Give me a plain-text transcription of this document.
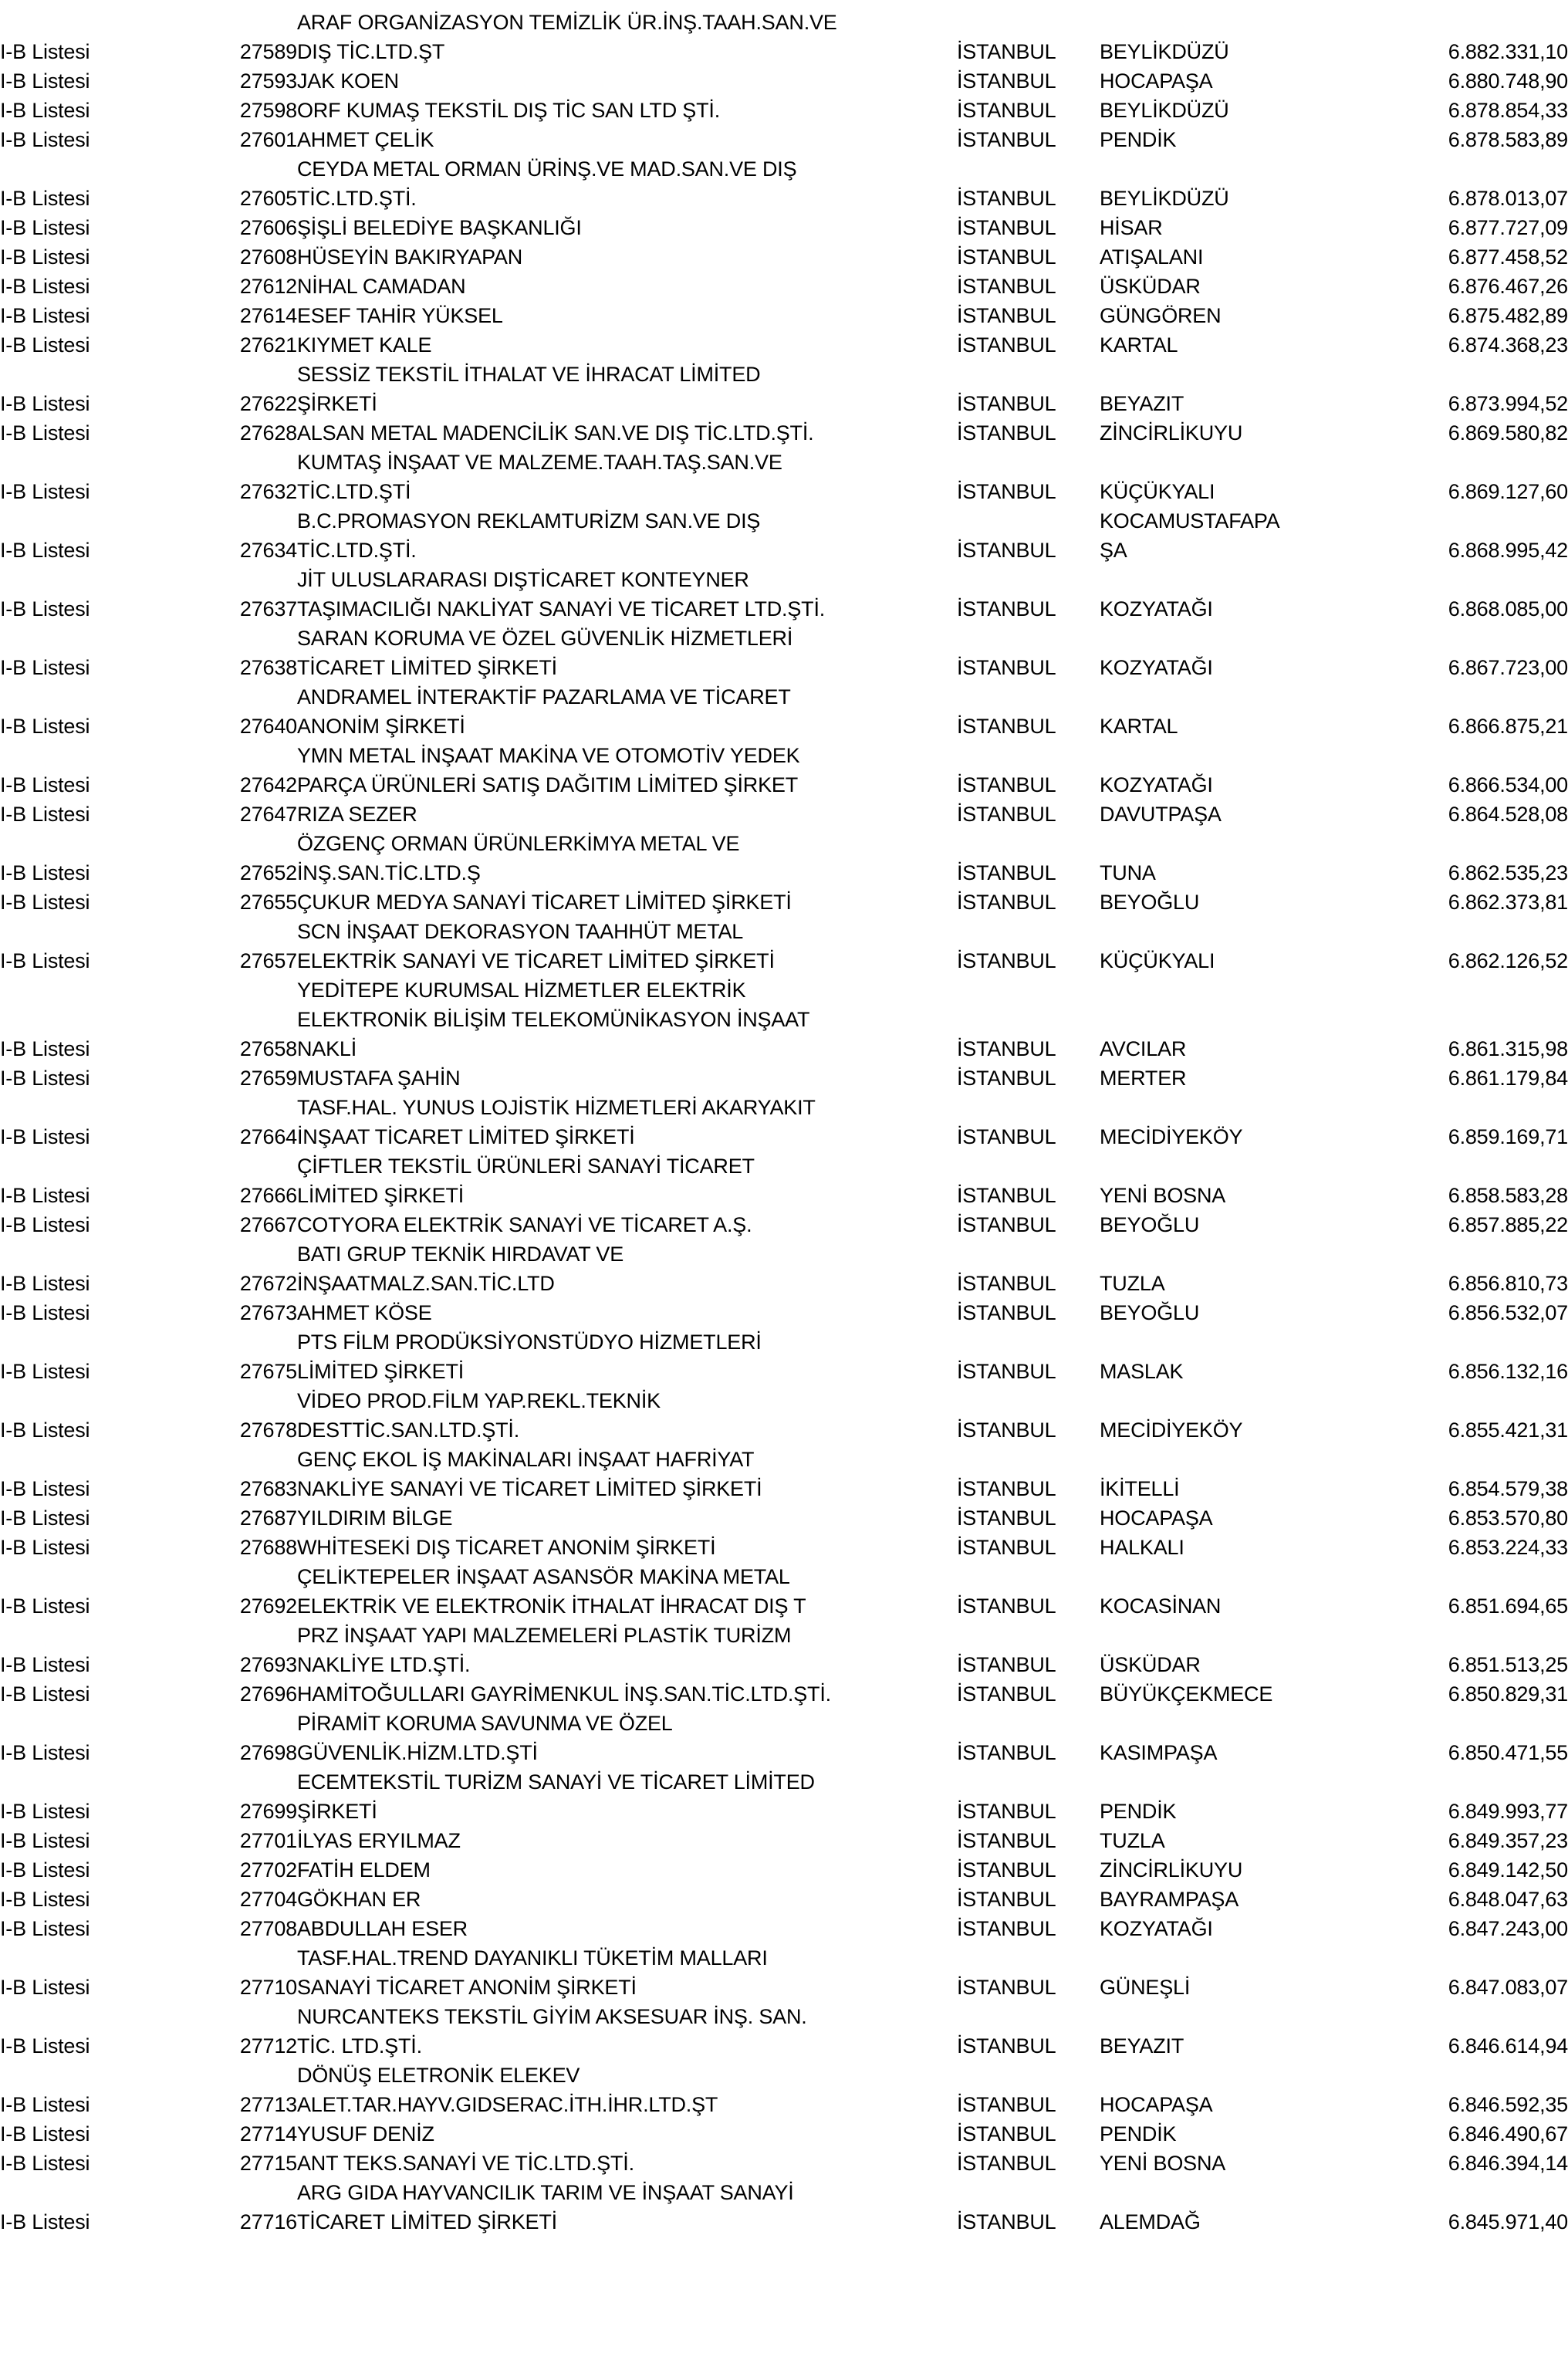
		ARAF ORGANİZASYON TEMİZLİK ÜR.İNŞ.TAAH.SAN.VE			
I-B Listesi	27589	DIŞ TİC.LTD.ŞT	İSTANBUL	BEYLİKDÜZÜ	6.882.331,10
I-B Listesi	27593	JAK KOEN	İSTANBUL	HOCAPAŞA	6.880.748,90
I-B Listesi	27598	ORF KUMAŞ TEKSTİL DIŞ TİC SAN LTD ŞTİ.	İSTANBUL	BEYLİKDÜZÜ	6.878.854,33
I-B Listesi	27601	AHMET ÇELİK	İSTANBUL	PENDİK	6.878.583,89
		CEYDA METAL ORMAN ÜRİNŞ.VE MAD.SAN.VE DIŞ			
I-B Listesi	27605	TİC.LTD.ŞTİ.	İSTANBUL	BEYLİKDÜZÜ	6.878.013,07
I-B Listesi	27606	ŞİŞLİ BELEDİYE BAŞKANLIĞI	İSTANBUL	HİSAR	6.877.727,09
I-B Listesi	27608	HÜSEYİN BAKIRYAPAN	İSTANBUL	ATIŞALANI	6.877.458,52
I-B Listesi	27612	NİHAL CAMADAN	İSTANBUL	ÜSKÜDAR	6.876.467,26
I-B Listesi	27614	ESEF TAHİR YÜKSEL	İSTANBUL	GÜNGÖREN	6.875.482,89
I-B Listesi	27621	KIYMET KALE	İSTANBUL	KARTAL	6.874.368,23
		SESSİZ TEKSTİL İTHALAT VE İHRACAT LİMİTED			
I-B Listesi	27622	ŞİRKETİ	İSTANBUL	BEYAZIT	6.873.994,52
I-B Listesi	27628	ALSAN METAL MADENCİLİK SAN.VE DIŞ TİC.LTD.ŞTİ.	İSTANBUL	ZİNCİRLİKUYU	6.869.580,82
		KUMTAŞ İNŞAAT VE MALZEME.TAAH.TAŞ.SAN.VE			
I-B Listesi	27632	TİC.LTD.ŞTİ	İSTANBUL	KÜÇÜKYALI	6.869.127,60
		B.C.PROMASYON REKLAMTURİZM SAN.VE DIŞ		KOCAMUSTAFAPA	
I-B Listesi	27634	TİC.LTD.ŞTİ.	İSTANBUL	ŞA	6.868.995,42
		JİT ULUSLARARASI DIŞTİCARET KONTEYNER			
I-B Listesi	27637	TAŞIMACILIĞI NAKLİYAT SANAYİ VE TİCARET LTD.ŞTİ.	İSTANBUL	KOZYATAĞI	6.868.085,00
		SARAN KORUMA VE ÖZEL GÜVENLİK HİZMETLERİ			
I-B Listesi	27638	TİCARET LİMİTED ŞİRKETİ	İSTANBUL	KOZYATAĞI	6.867.723,00
		ANDRAMEL İNTERAKTİF PAZARLAMA VE TİCARET			
I-B Listesi	27640	ANONİM ŞİRKETİ	İSTANBUL	KARTAL	6.866.875,21
		YMN METAL İNŞAAT MAKİNA VE OTOMOTİV YEDEK			
I-B Listesi	27642	PARÇA ÜRÜNLERİ SATIŞ DAĞITIM LİMİTED ŞİRKET	İSTANBUL	KOZYATAĞI	6.866.534,00
I-B Listesi	27647	RIZA SEZER	İSTANBUL	DAVUTPAŞA	6.864.528,08
		ÖZGENÇ ORMAN ÜRÜNLERKİMYA METAL VE			
I-B Listesi	27652	İNŞ.SAN.TİC.LTD.Ş	İSTANBUL	TUNA	6.862.535,23
I-B Listesi	27655	ÇUKUR MEDYA SANAYİ TİCARET LİMİTED ŞİRKETİ	İSTANBUL	BEYOĞLU	6.862.373,81
		SCN İNŞAAT DEKORASYON TAAHHÜT METAL			
I-B Listesi	27657	ELEKTRİK SANAYİ VE TİCARET LİMİTED ŞİRKETİ	İSTANBUL	KÜÇÜKYALI	6.862.126,52
		YEDİTEPE KURUMSAL HİZMETLER ELEKTRİK			
		ELEKTRONİK BİLİŞİM TELEKOMÜNİKASYON İNŞAAT			
I-B Listesi	27658	NAKLİ	İSTANBUL	AVCILAR	6.861.315,98
I-B Listesi	27659	MUSTAFA ŞAHİN	İSTANBUL	MERTER	6.861.179,84
		TASF.HAL. YUNUS LOJİSTİK HİZMETLERİ AKARYAKIT			
I-B Listesi	27664	İNŞAAT TİCARET LİMİTED ŞİRKETİ	İSTANBUL	MECİDİYEKÖY	6.859.169,71
		ÇİFTLER TEKSTİL ÜRÜNLERİ SANAYİ TİCARET			
I-B Listesi	27666	LİMİTED ŞİRKETİ	İSTANBUL	YENİ BOSNA	6.858.583,28
I-B Listesi	27667	COTYORA ELEKTRİK SANAYİ VE TİCARET A.Ş.	İSTANBUL	BEYOĞLU	6.857.885,22
		BATI GRUP TEKNİK HIRDAVAT VE			
I-B Listesi	27672	İNŞAATMALZ.SAN.TİC.LTD	İSTANBUL	TUZLA	6.856.810,73
I-B Listesi	27673	AHMET KÖSE	İSTANBUL	BEYOĞLU	6.856.532,07
		PTS FİLM PRODÜKSİYONSTÜDYO HİZMETLERİ			
I-B Listesi	27675	LİMİTED ŞİRKETİ	İSTANBUL	MASLAK	6.856.132,16
		VİDEO PROD.FİLM YAP.REKL.TEKNİK			
I-B Listesi	27678	DESTTİC.SAN.LTD.ŞTİ.	İSTANBUL	MECİDİYEKÖY	6.855.421,31
		GENÇ EKOL İŞ MAKİNALARI İNŞAAT HAFRİYAT			
I-B Listesi	27683	NAKLİYE SANAYİ VE TİCARET LİMİTED ŞİRKETİ	İSTANBUL	İKİTELLİ	6.854.579,38
I-B Listesi	27687	YILDIRIM BİLGE	İSTANBUL	HOCAPAŞA	6.853.570,80
I-B Listesi	27688	WHİTESEKİ DIŞ TİCARET ANONİM ŞİRKETİ	İSTANBUL	HALKALI	6.853.224,33
		ÇELİKTEPELER İNŞAAT ASANSÖR MAKİNA METAL			
I-B Listesi	27692	ELEKTRİK VE ELEKTRONİK İTHALAT İHRACAT DIŞ T	İSTANBUL	KOCASİNAN	6.851.694,65
		PRZ İNŞAAT YAPI MALZEMELERİ PLASTİK TURİZM			
I-B Listesi	27693	NAKLİYE LTD.ŞTİ.	İSTANBUL	ÜSKÜDAR	6.851.513,25
I-B Listesi	27696	HAMİTOĞULLARI GAYRİMENKUL İNŞ.SAN.TİC.LTD.ŞTİ.	İSTANBUL	BÜYÜKÇEKMECE	6.850.829,31
		PİRAMİT KORUMA SAVUNMA VE ÖZEL			
I-B Listesi	27698	GÜVENLİK.HİZM.LTD.ŞTİ	İSTANBUL	KASIMPAŞA	6.850.471,55
		ECEMTEKSTİL TURİZM SANAYİ VE TİCARET LİMİTED			
I-B Listesi	27699	ŞİRKETİ	İSTANBUL	PENDİK	6.849.993,77
I-B Listesi	27701	İLYAS ERYILMAZ	İSTANBUL	TUZLA	6.849.357,23
I-B Listesi	27702	FATİH ELDEM	İSTANBUL	ZİNCİRLİKUYU	6.849.142,50
I-B Listesi	27704	GÖKHAN ER	İSTANBUL	BAYRAMPAŞA	6.848.047,63
I-B Listesi	27708	ABDULLAH ESER	İSTANBUL	KOZYATAĞI	6.847.243,00
		TASF.HAL.TREND DAYANIKLI TÜKETİM MALLARI			
I-B Listesi	27710	SANAYİ TİCARET ANONİM ŞİRKETİ	İSTANBUL	GÜNEŞLİ	6.847.083,07
		NURCANTEKS TEKSTİL GİYİM AKSESUAR İNŞ. SAN.			
I-B Listesi	27712	TİC. LTD.ŞTİ.	İSTANBUL	BEYAZIT	6.846.614,94
		DÖNÜŞ ELETRONİK ELEKEV			
I-B Listesi	27713	ALET.TAR.HAYV.GIDSERAC.İTH.İHR.LTD.ŞT	İSTANBUL	HOCAPAŞA	6.846.592,35
I-B Listesi	27714	YUSUF DENİZ	İSTANBUL	PENDİK	6.846.490,67
I-B Listesi	27715	ANT TEKS.SANAYİ VE TİC.LTD.ŞTİ.	İSTANBUL	YENİ BOSNA	6.846.394,14
		ARG GIDA HAYVANCILIK TARIM VE İNŞAAT SANAYİ			
I-B Listesi	27716	TİCARET LİMİTED ŞİRKETİ	İSTANBUL	ALEMDAĞ	6.845.971,40
